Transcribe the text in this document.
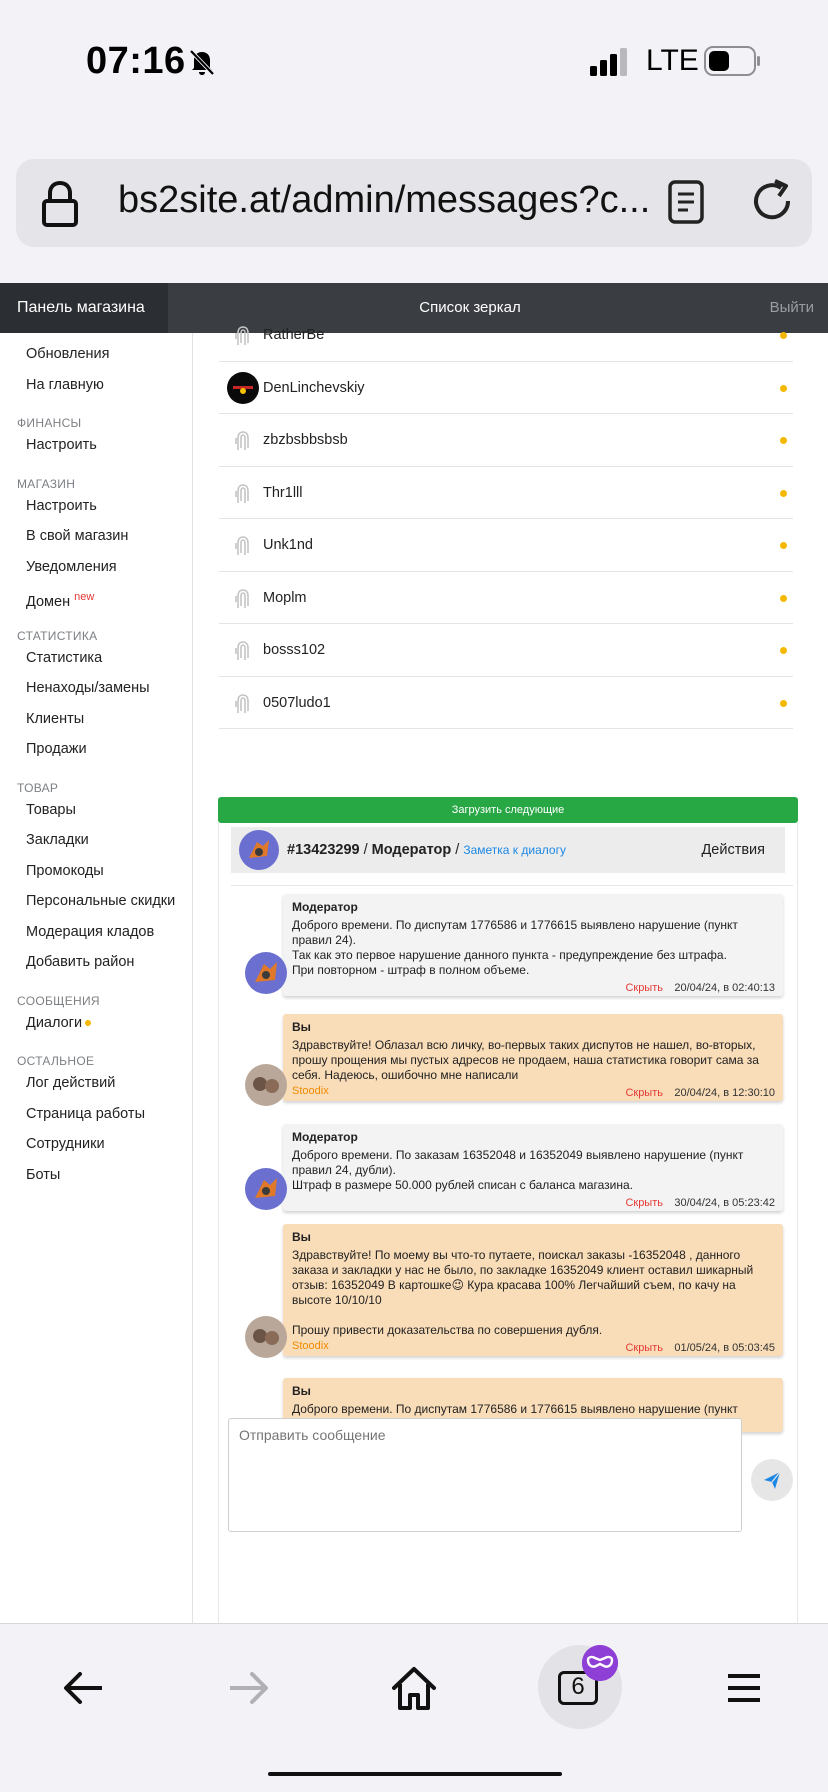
07:16	LTE
bs2site.at/admin/messages?c...
Панель магазина	Список зеркал	Выйти
Обновления
На главную
ФИНАНСЫ
Настроить
МАГАЗИН
Настроить
В свой магазин
Уведомления
Домен $^{new}$
СТАТИСТИКА
Статистика
Ненаходы/замены
Клиенты
Продажи
ТОВАР
Товары
Закладки
Промокоды
Персональные скидки
Модерация кладов
Добавить район
СООБЩЕНИЯ
Диалоги
ОСТАЛЬНОЕ
Лог действий
Страница работы
Сотрудники
Боты
RatherBe
DenLinchevskiy
zbzbsbbsbsb
Thr1lll
Unk1nd
Moplm
bosss102
0507ludo1
Загрузить следующие
#13423299 / Модератор / Заметка к диалогу	Действия
Модератор
Доброго времени. По диспутам 1776586 и 1776615 выявлено нарушение (пункт правил 24).
Так как это первое нарушение данного пункта - предупреждение без штрафа.
При повторном - штраф в полном объеме.
Скрыть 20/04/24, в 02:40:13
Вы
Здравствуйте! Облазал всю личку, во-первых таких диспутов не нашел, во-вторых, прошу прощения мы пустых адресов не продаем, наша статистика говорит сама за себя. Надеюсь, ошибочно мне написали
Stoodix	Скрыть 20/04/24, в 12:30:10
Модератор
Доброго времени. По заказам 16352048 и 16352049 выявлено нарушение (пункт правил 24, дубли).
Штраф в размере 50.000 рублей списан с баланса магазина.
Скрыть 30/04/24, в 05:23:42
Вы
Здравствуйте! По моему вы что-то путаете, поискал заказы -16352048 , данного заказа и закладки у нас не было, по закладке 16352049 клиент оставил шикарный отзыв: 16352049 В картошке😉 Кура красава 100% Легчайший съем, по качу на высоте 10/10/10

Прошу привести доказательства по совершения дубля.
Stoodix	Скрыть 01/05/24, в 05:03:45
Вы
Доброго времени. По диспутам 1776586 и 1776615 выявлено нарушение (пункт
Отправить сообщение
6
